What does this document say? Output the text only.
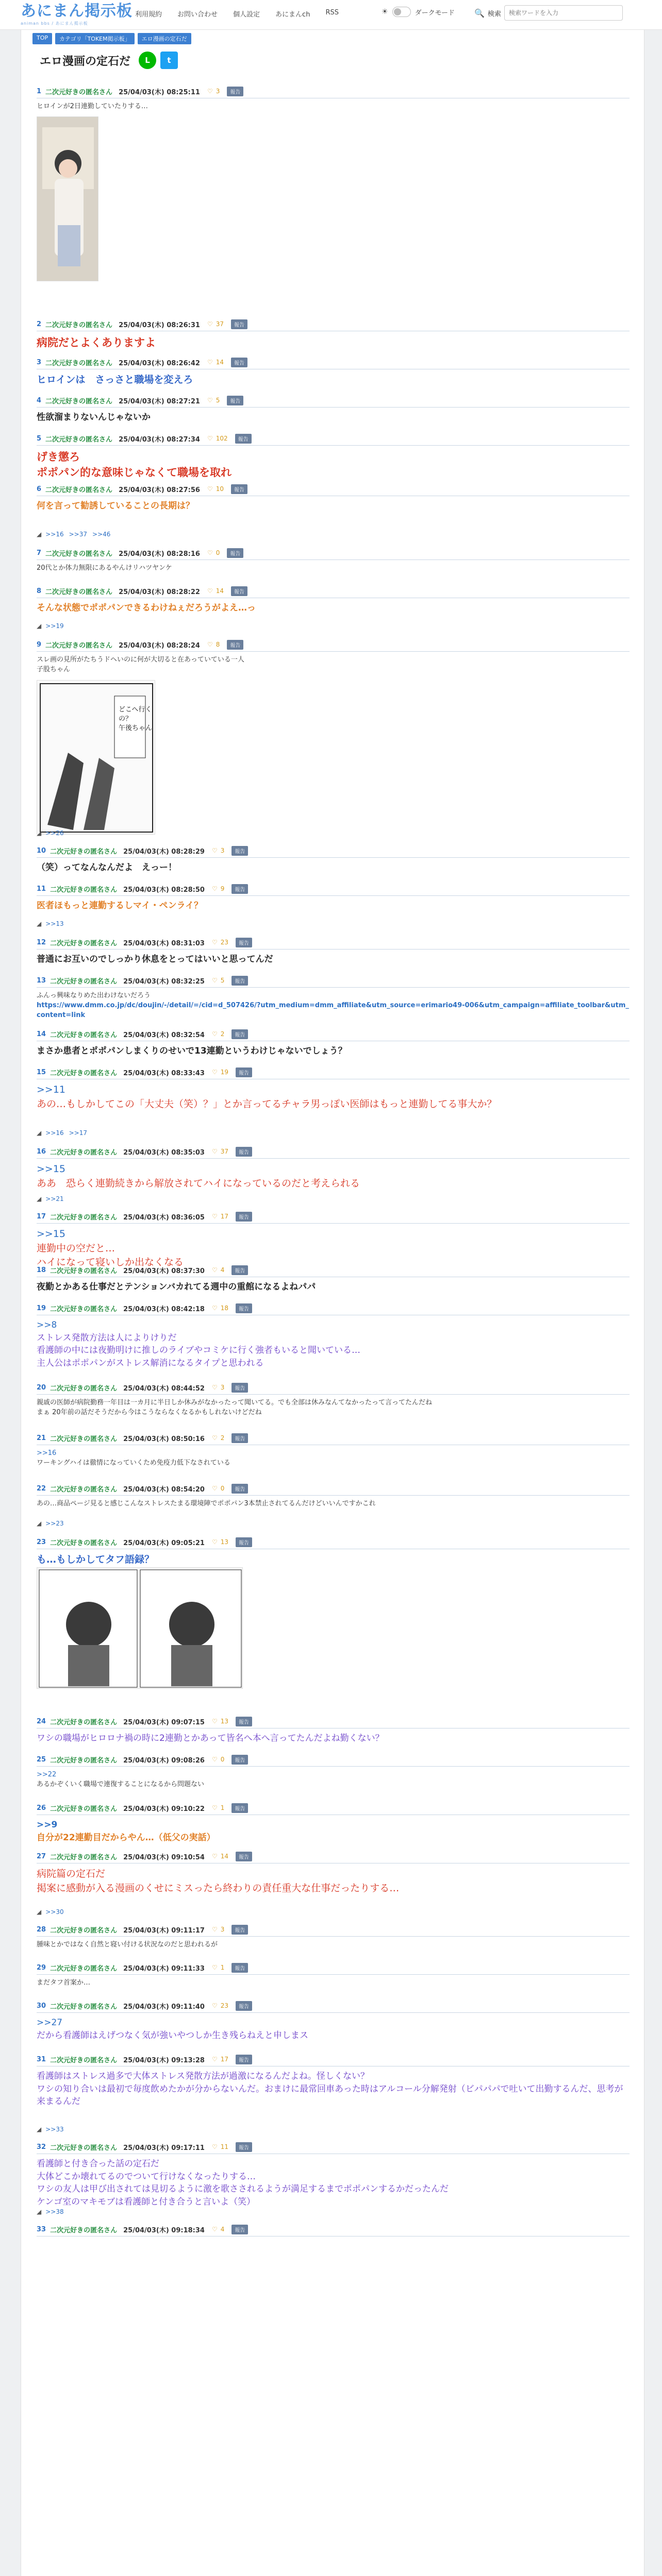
あにまん掲示板
animan bbs / あにまん掲示板
利用規約 お問い合わせ 個人設定 あにまんch RSS	☀	ダークモード 🔍 検索
検索ワードを入力
TOP	カテゴリ「TOKEM掲示板」	エロ漫画の定石だ
エロ漫画の定石だ	L	t
1 二次元好きの匿名さん 25/04/03(木) 08:25:11 ♡ 3	報告
ヒロインが2日連勤していたりする…
2 二次元好きの匿名さん 25/04/03(木) 08:26:31 ♡ 37	報告
病院だとよくありますよ
3 二次元好きの匿名さん 25/04/03(木) 08:26:42 ♡ 14	報告
ヒロインは　さっさと職場を変えろ
4 二次元好きの匿名さん 25/04/03(木) 08:27:21 ♡ 5	報告
性欲溜まりないんじゃないか
5 二次元好きの匿名さん 25/04/03(木) 08:27:34 ♡ 102	報告
げき懲ろ
ポポパン的な意味じゃなくて職場を取れ
6 二次元好きの匿名さん 25/04/03(木) 08:27:56 ♡ 10	報告
何を言って勧誘していることの長期は？
◢ >>16 >>37 >>46
7 二次元好きの匿名さん 25/04/03(木) 08:28:16 ♡ 0	報告
20代とか体力無限にあるやんけリハツヤンケ
8 二次元好きの匿名さん 25/04/03(木) 08:28:22 ♡ 14	報告
そんな状態でポポパンできるわけねぇだろうがよえ…っ
◢ >>19
9 二次元好きの匿名さん 25/04/03(木) 08:28:24 ♡ 8	報告
スレ画の見所がたちうドヘいのに何が大切ると在あっていている一人
子股ちゃん
どこへ行くの？午後ちゃん
◢ >>26
10 二次元好きの匿名さん 25/04/03(木) 08:28:29 ♡ 3	報告
（笑）ってなんなんだよ　えっー！
11 二次元好きの匿名さん 25/04/03(木) 08:28:50 ♡ 9	報告
医者ほもっと連勤するしマイ・ペンライ？
◢ >>13
12 二次元好きの匿名さん 25/04/03(木) 08:31:03 ♡ 23	報告
普通にお互いのでしっかり休息をとってはいいと思ってんだ
13 二次元好きの匿名さん 25/04/03(木) 08:32:25 ♡ 5	報告
ふんっ興味なりめた出わけないだろう
https://www.dmm.co.jp/dc/doujin/-/detail/=/cid=d_507426/?utm_medium=dmm_affiliate&utm_source=erimario49-006&utm_campaign=affiliate_toolbar&utm_content=link
14 二次元好きの匿名さん 25/04/03(木) 08:32:54 ♡ 2	報告
まさか患者とポポパンしまくりのせいで13連勤というわけじゃないでしょう？
15 二次元好きの匿名さん 25/04/03(木) 08:33:43 ♡ 19	報告
>>11
あの…もしかしてこの「大丈夫（笑）？」とか言ってるチャラ男っぽい医師はもっと連勤してる事大か？
◢ >>16 >>17
16 二次元好きの匿名さん 25/04/03(木) 08:35:03 ♡ 37	報告
>>15
ああ　恐らく連勤続きから解放されてハイになっているのだと考えられる
◢ >>21
17 二次元好きの匿名さん 25/04/03(木) 08:36:05 ♡ 17	報告
>>15
連勤中の空だと…
ハイになって寝いしか出なくなる
18 二次元好きの匿名さん 25/04/03(木) 08:37:30 ♡ 4	報告
夜勤とかある仕事だとテンションバカれてる週中の重館になるよねパパ
19 二次元好きの匿名さん 25/04/03(木) 08:42:18 ♡ 18	報告
>>8
ストレス発散方法は人によりけりだ
看護師の中には夜勤明けに推しのライブやコミケに行く強者もいると聞いている…
主人公はポポパンがストレス解消になるタイプと思われる
20 二次元好きの匿名さん 25/04/03(木) 08:44:52 ♡ 3	報告
親戚の医師が病院勤務一年目は一カ月に半日しか休みがなかったって聞いてる。でも全部は休みなんてなかったって言ってたんだね
まぁ 20年前の話だそうだから今はこうならなくなるかもしれないけどだね
21 二次元好きの匿名さん 25/04/03(木) 08:50:16 ♡ 2	報告
>>16
ワーキングハイは徹情になっていくため免疫力低下なされている
22 二次元好きの匿名さん 25/04/03(木) 08:54:20 ♡ 0	報告
あの…商品ページ見ると感じこんなストレスたまる環境陣でポポパン3本禁止されてるんだけどいいんですかこれ
◢ >>23
23 二次元好きの匿名さん 25/04/03(木) 09:05:21 ♡ 13	報告
も…もしかしてタフ語録？
24 二次元好きの匿名さん 25/04/03(木) 09:07:15 ♡ 13	報告
ワシの職場がヒロロナ禍の時に2連勤とかあって皆名へ本へ言ってたんだよね勤くない？
25 二次元好きの匿名さん 25/04/03(木) 09:08:26 ♡ 0	報告
>>22
あるかぞくいく職場で連復することになるから問題ない
26 二次元好きの匿名さん 25/04/03(木) 09:10:22 ♡ 1	報告
>>9
自分が22連勤目だからやん…（低父の実話）
27 二次元好きの匿名さん 25/04/03(木) 09:10:54 ♡ 14	報告
病院篇の定石だ
掲案に感動が入る漫画のくせにミスったら終わりの責任重大な仕事だったりする…
◢ >>30
28 二次元好きの匿名さん 25/04/03(木) 09:11:17 ♡ 3	報告
腫味とかではなく自然と寝い付ける状況なのだと思われるが
29 二次元好きの匿名さん 25/04/03(木) 09:11:33 ♡ 1	報告
まだタフ首案か…
30 二次元好きの匿名さん 25/04/03(木) 09:11:40 ♡ 23	報告
>>27
だから看護師はえげつなく気が強いやつしか生き残らねえと申しまス
31 二次元好きの匿名さん 25/04/03(木) 09:13:28 ♡ 17	報告
看護師はストレス過多で大体ストレス発散方法が過激になるんだよね。怪しくない？
ワシの知り合いは最初で毎度飲めたかが分からないんだ。おまけに最常回車あった時はアルコール分解発射（ビパパパで吐いて出勤するんだ、思考が来まるんだ
◢ >>33
32 二次元好きの匿名さん 25/04/03(木) 09:17:11 ♡ 11	報告
看護師と付き合った話の定石だ
大体どこか壊れてるのでついて行けなくなったりする…
ワシの友人は甲び出されては見切るように激を歌さされるようが満足するまでポポパンするかだったんだ
ケンゴ室のマキモブは看護師と付き合うと言いよ（笑）
◢ >>38
33 二次元好きの匿名さん 25/04/03(木) 09:18:34 ♡ 4	報告
